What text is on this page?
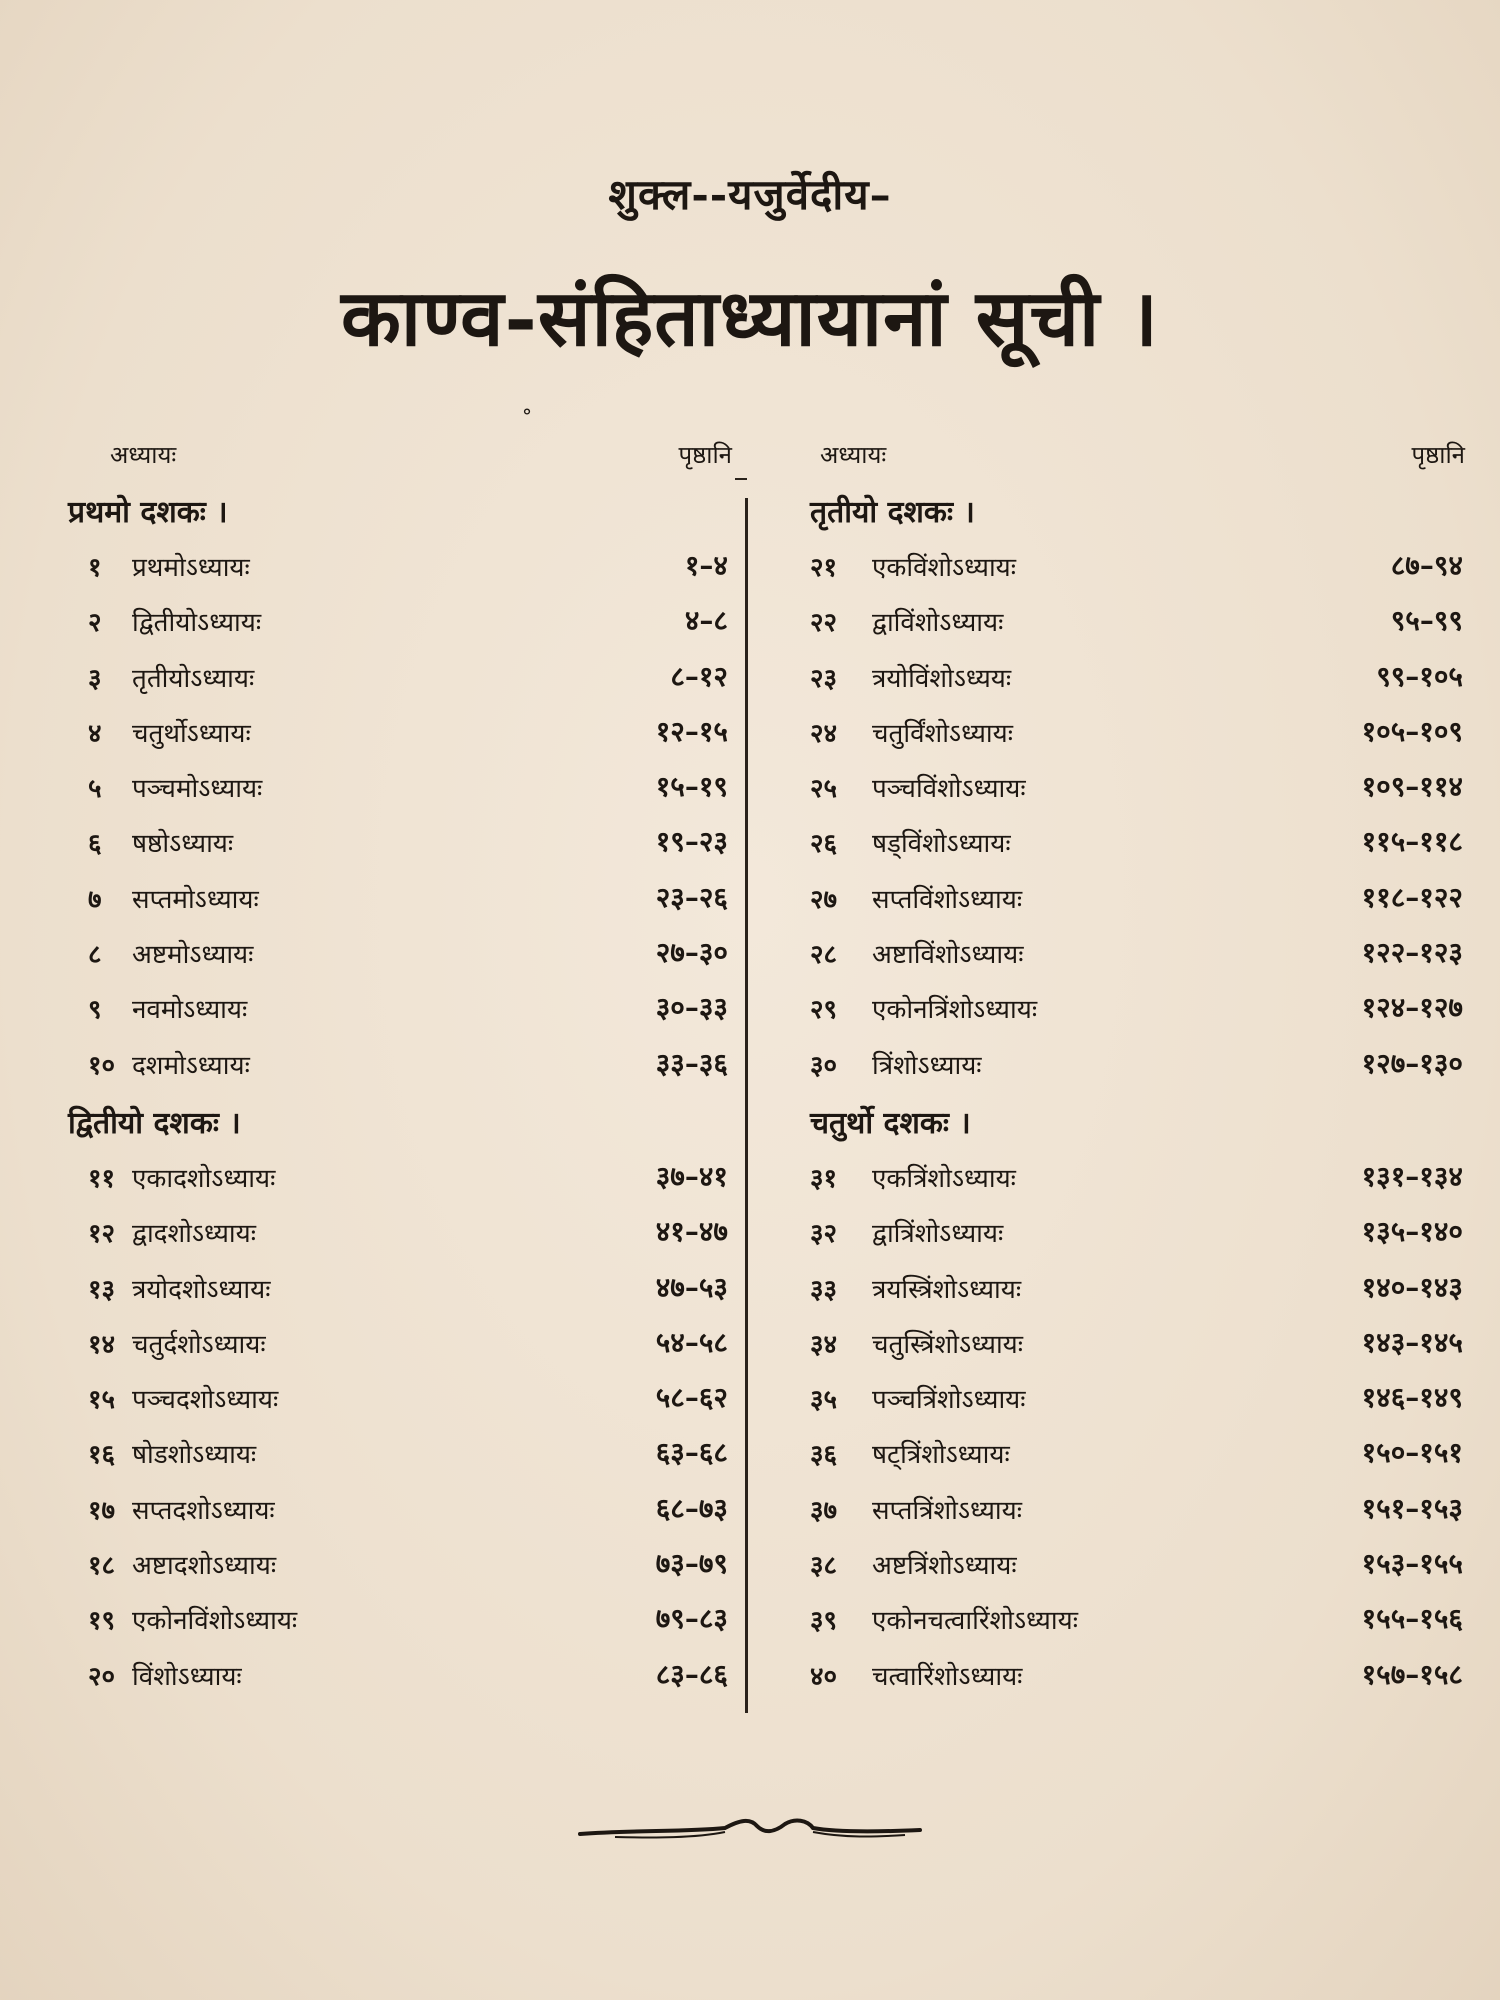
शुक्ल--यजुर्वेदीय–
काण्व-संहिताध्यायानां सूची ।
°
अध्यायः	पृष्ठानि
प्रथमो दशकः ।
१ प्रथमोऽध्यायः	१–४
२ द्वितीयोऽध्यायः	४–८
३ तृतीयोऽध्यायः	८–१२
४ चतुर्थोऽध्यायः	१२–१५
५ पञ्चमोऽध्यायः	१५–१९
६ षष्ठोऽध्यायः	१९–२३
७ सप्तमोऽध्यायः	२३–२६
८ अष्टमोऽध्यायः	२७–३०
९ नवमोऽध्यायः	३०–३३
१० दशमोऽध्यायः	३३–३६
द्वितीयो दशकः ।
११ एकादशोऽध्यायः	३७–४१
१२ द्वादशोऽध्यायः	४१–४७
१३ त्रयोदशोऽध्यायः	४७–५३
१४ चतुर्दशोऽध्यायः	५४–५८
१५ पञ्चदशोऽध्यायः	५८–६२
१६ षोडशोऽध्यायः	६३–६८
१७ सप्तदशोऽध्यायः	६८–७३
१८ अष्टादशोऽध्यायः	७३–७९
१९ एकोनविंशोऽध्यायः	७९–८३
२० विंशोऽध्यायः	८३–८६
अध्यायः	पृष्ठानि
तृतीयो दशकः ।
२१ एकविंशोऽध्यायः	८७–९४
२२ द्वाविंशोऽध्यायः	९५–९९
२३ त्रयोविंशोऽध्ययः	९९–१०५
२४ चतुर्विंशोऽध्यायः	१०५–१०९
२५ पञ्चविंशोऽध्यायः	१०९–११४
२६ षड्विंशोऽध्यायः	११५–११८
२७ सप्तविंशोऽध्यायः	११८–१२२
२८ अष्टाविंशोऽध्यायः	१२२–१२३
२९ एकोनत्रिंशोऽध्यायः	१२४–१२७
३० त्रिंशोऽध्यायः	१२७–१३०
चतुर्थो दशकः ।
३१ एकत्रिंशोऽध्यायः	१३१–१३४
३२ द्वात्रिंशोऽध्यायः	१३५–१४०
३३ त्रयस्त्रिंशोऽध्यायः	१४०–१४३
३४ चतुस्त्रिंशोऽध्यायः	१४३–१४५
३५ पञ्चत्रिंशोऽध्यायः	१४६–१४९
३६ षट्त्रिंशोऽध्यायः	१५०–१५१
३७ सप्तत्रिंशोऽध्यायः	१५१–१५३
३८ अष्टत्रिंशोऽध्यायः	१५३–१५५
३९ एकोनचत्वारिंशोऽध्यायः	१५५–१५६
४० चत्वारिंशोऽध्यायः	१५७–१५८
